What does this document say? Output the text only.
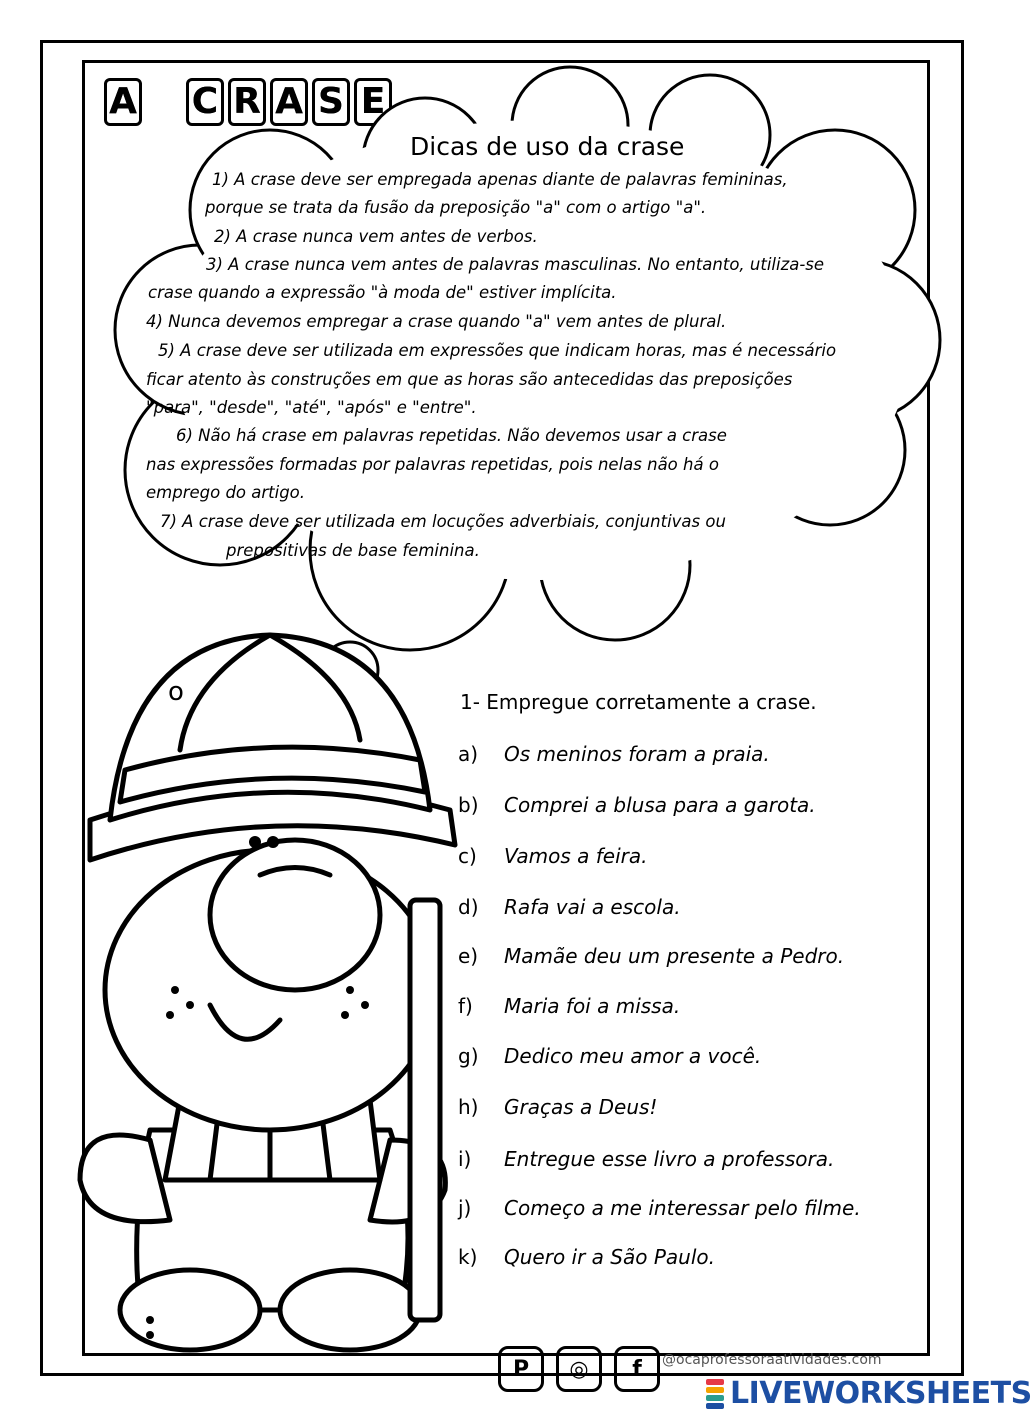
A C R A S E
Dicas de uso da crase
1) A crase deve ser empregada apenas diante de palavras femininas,
porque se trata da fusão da preposição "a" com o artigo "a".
2) A crase nunca vem antes de verbos.
3) A crase nunca vem antes de palavras masculinas. No entanto, utiliza-se
crase quando a expressão "à moda de" estiver implícita.
4) Nunca devemos empregar a crase quando "a" vem antes de plural.
5) A crase deve ser utilizada em expressões que indicam horas, mas é necessário
ficar atento às construções em que as horas são antecedidas das preposições
"para", "desde", "até", "após" e "entre".
6) Não há crase em palavras repetidas. Não devemos usar a crase
nas expressões formadas por palavras repetidas, pois nelas não há o
emprego do artigo.
7) A crase deve ser utilizada em locuções adverbiais, conjuntivas ou
prepositivas de base feminina.
o	1- Empregue corretamente a crase.
a)	Os meninos foram a praia.
b)	Comprei a blusa para a garota.
c)	Vamos a feira.
d)	Rafa vai a escola.
e)	Mamãe deu um presente a Pedro.
f)	Maria foi a missa.
g)	Dedico meu amor a você.
h)	Graças a Deus!
i)	Entregue esse livro a professora.
j)	Começo a me interessar pelo filme.
k)	Quero ir a São Paulo.
P	◎	f	@ocaprofessoraatividades.com
LIVEWORKSHEETS
